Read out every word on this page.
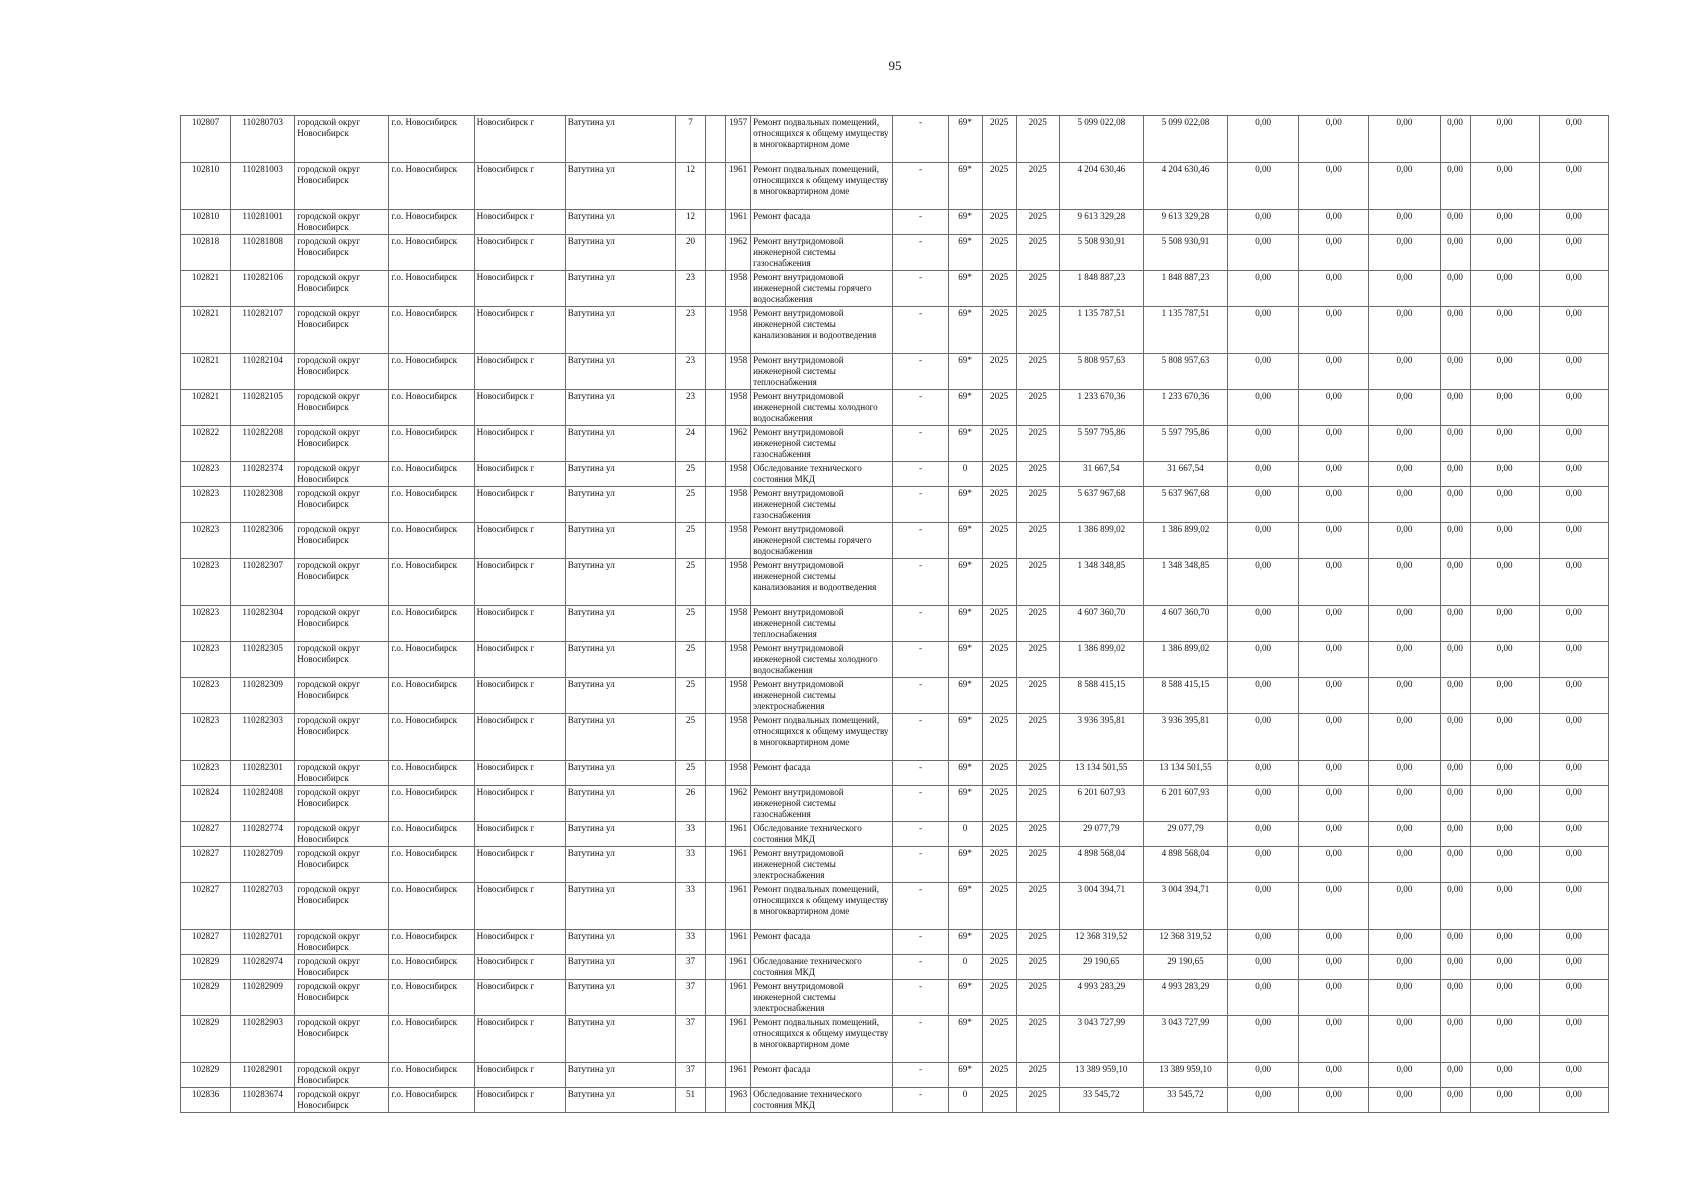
95
102807	110280703	городской округ Новосибирск	г.о. Новосибирск	Новосибирск г	Ватутина ул	7		1957	Ремонт подвальных помещений, относящихся к общему имуществу в многоквартирном доме	-	69*	2025	2025	5 099 022,08	5 099 022,08	0,00	0,00	0,00	0,00	0,00	0,00
102810	110281003	городской округ Новосибирск	г.о. Новосибирск	Новосибирск г	Ватутина ул	12		1961	Ремонт подвальных помещений, относящихся к общему имуществу в многоквартирном доме	-	69*	2025	2025	4 204 630,46	4 204 630,46	0,00	0,00	0,00	0,00	0,00	0,00
102810	110281001	городской округ Новосибирск	г.о. Новосибирск	Новосибирск г	Ватутина ул	12		1961	Ремонт фасада	-	69*	2025	2025	9 613 329,28	9 613 329,28	0,00	0,00	0,00	0,00	0,00	0,00
102818	110281808	городской округ Новосибирск	г.о. Новосибирск	Новосибирск г	Ватутина ул	20		1962	Ремонт внутридомовой инженерной системы газоснабжения	-	69*	2025	2025	5 508 930,91	5 508 930,91	0,00	0,00	0,00	0,00	0,00	0,00
102821	110282106	городской округ Новосибирск	г.о. Новосибирск	Новосибирск г	Ватутина ул	23		1958	Ремонт внутридомовой инженерной системы горячего водоснабжения	-	69*	2025	2025	1 848 887,23	1 848 887,23	0,00	0,00	0,00	0,00	0,00	0,00
102821	110282107	городской округ Новосибирск	г.о. Новосибирск	Новосибирск г	Ватутина ул	23		1958	Ремонт внутридомовой инженерной системы канализования и водоотведения	-	69*	2025	2025	1 135 787,51	1 135 787,51	0,00	0,00	0,00	0,00	0,00	0,00
102821	110282104	городской округ Новосибирск	г.о. Новосибирск	Новосибирск г	Ватутина ул	23		1958	Ремонт внутридомовой инженерной системы теплоснабжения	-	69*	2025	2025	5 808 957,63	5 808 957,63	0,00	0,00	0,00	0,00	0,00	0,00
102821	110282105	городской округ Новосибирск	г.о. Новосибирск	Новосибирск г	Ватутина ул	23		1958	Ремонт внутридомовой инженерной системы холодного водоснабжения	-	69*	2025	2025	1 233 670,36	1 233 670,36	0,00	0,00	0,00	0,00	0,00	0,00
102822	110282208	городской округ Новосибирск	г.о. Новосибирск	Новосибирск г	Ватутина ул	24		1962	Ремонт внутридомовой инженерной системы газоснабжения	-	69*	2025	2025	5 597 795,86	5 597 795,86	0,00	0,00	0,00	0,00	0,00	0,00
102823	110282374	городской округ Новосибирск	г.о. Новосибирск	Новосибирск г	Ватутина ул	25		1958	Обследование технического состояния МКД	-	0	2025	2025	31 667,54	31 667,54	0,00	0,00	0,00	0,00	0,00	0,00
102823	110282308	городской округ Новосибирск	г.о. Новосибирск	Новосибирск г	Ватутина ул	25		1958	Ремонт внутридомовой инженерной системы газоснабжения	-	69*	2025	2025	5 637 967,68	5 637 967,68	0,00	0,00	0,00	0,00	0,00	0,00
102823	110282306	городской округ Новосибирск	г.о. Новосибирск	Новосибирск г	Ватутина ул	25		1958	Ремонт внутридомовой инженерной системы горячего водоснабжения	-	69*	2025	2025	1 386 899,02	1 386 899,02	0,00	0,00	0,00	0,00	0,00	0,00
102823	110282307	городской округ Новосибирск	г.о. Новосибирск	Новосибирск г	Ватутина ул	25		1958	Ремонт внутридомовой инженерной системы канализования и водоотведения	-	69*	2025	2025	1 348 348,85	1 348 348,85	0,00	0,00	0,00	0,00	0,00	0,00
102823	110282304	городской округ Новосибирск	г.о. Новосибирск	Новосибирск г	Ватутина ул	25		1958	Ремонт внутридомовой инженерной системы теплоснабжения	-	69*	2025	2025	4 607 360,70	4 607 360,70	0,00	0,00	0,00	0,00	0,00	0,00
102823	110282305	городской округ Новосибирск	г.о. Новосибирск	Новосибирск г	Ватутина ул	25		1958	Ремонт внутридомовой инженерной системы холодного водоснабжения	-	69*	2025	2025	1 386 899,02	1 386 899,02	0,00	0,00	0,00	0,00	0,00	0,00
102823	110282309	городской округ Новосибирск	г.о. Новосибирск	Новосибирск г	Ватутина ул	25		1958	Ремонт внутридомовой инженерной системы электроснабжения	-	69*	2025	2025	8 588 415,15	8 588 415,15	0,00	0,00	0,00	0,00	0,00	0,00
102823	110282303	городской округ Новосибирск	г.о. Новосибирск	Новосибирск г	Ватутина ул	25		1958	Ремонт подвальных помещений, относящихся к общему имуществу в многоквартирном доме	-	69*	2025	2025	3 936 395,81	3 936 395,81	0,00	0,00	0,00	0,00	0,00	0,00
102823	110282301	городской округ Новосибирск	г.о. Новосибирск	Новосибирск г	Ватутина ул	25		1958	Ремонт фасада	-	69*	2025	2025	13 134 501,55	13 134 501,55	0,00	0,00	0,00	0,00	0,00	0,00
102824	110282408	городской округ Новосибирск	г.о. Новосибирск	Новосибирск г	Ватутина ул	26		1962	Ремонт внутридомовой инженерной системы газоснабжения	-	69*	2025	2025	6 201 607,93	6 201 607,93	0,00	0,00	0,00	0,00	0,00	0,00
102827	110282774	городской округ Новосибирск	г.о. Новосибирск	Новосибирск г	Ватутина ул	33		1961	Обследование технического состояния МКД	-	0	2025	2025	29 077,79	29 077,79	0,00	0,00	0,00	0,00	0,00	0,00
102827	110282709	городской округ Новосибирск	г.о. Новосибирск	Новосибирск г	Ватутина ул	33		1961	Ремонт внутридомовой инженерной системы электроснабжения	-	69*	2025	2025	4 898 568,04	4 898 568,04	0,00	0,00	0,00	0,00	0,00	0,00
102827	110282703	городской округ Новосибирск	г.о. Новосибирск	Новосибирск г	Ватутина ул	33		1961	Ремонт подвальных помещений, относящихся к общему имуществу в многоквартирном доме	-	69*	2025	2025	3 004 394,71	3 004 394,71	0,00	0,00	0,00	0,00	0,00	0,00
102827	110282701	городской округ Новосибирск	г.о. Новосибирск	Новосибирск г	Ватутина ул	33		1961	Ремонт фасада	-	69*	2025	2025	12 368 319,52	12 368 319,52	0,00	0,00	0,00	0,00	0,00	0,00
102829	110282974	городской округ Новосибирск	г.о. Новосибирск	Новосибирск г	Ватутина ул	37		1961	Обследование технического состояния МКД	-	0	2025	2025	29 190,65	29 190,65	0,00	0,00	0,00	0,00	0,00	0,00
102829	110282909	городской округ Новосибирск	г.о. Новосибирск	Новосибирск г	Ватутина ул	37		1961	Ремонт внутридомовой инженерной системы электроснабжения	-	69*	2025	2025	4 993 283,29	4 993 283,29	0,00	0,00	0,00	0,00	0,00	0,00
102829	110282903	городской округ Новосибирск	г.о. Новосибирск	Новосибирск г	Ватутина ул	37		1961	Ремонт подвальных помещений, относящихся к общему имуществу в многоквартирном доме	-	69*	2025	2025	3 043 727,99	3 043 727,99	0,00	0,00	0,00	0,00	0,00	0,00
102829	110282901	городской округ Новосибирск	г.о. Новосибирск	Новосибирск г	Ватутина ул	37		1961	Ремонт фасада	-	69*	2025	2025	13 389 959,10	13 389 959,10	0,00	0,00	0,00	0,00	0,00	0,00
102836	110283674	городской округ Новосибирск	г.о. Новосибирск	Новосибирск г	Ватутина ул	51		1963	Обследование технического состояния МКД	-	0	2025	2025	33 545,72	33 545,72	0,00	0,00	0,00	0,00	0,00	0,00
